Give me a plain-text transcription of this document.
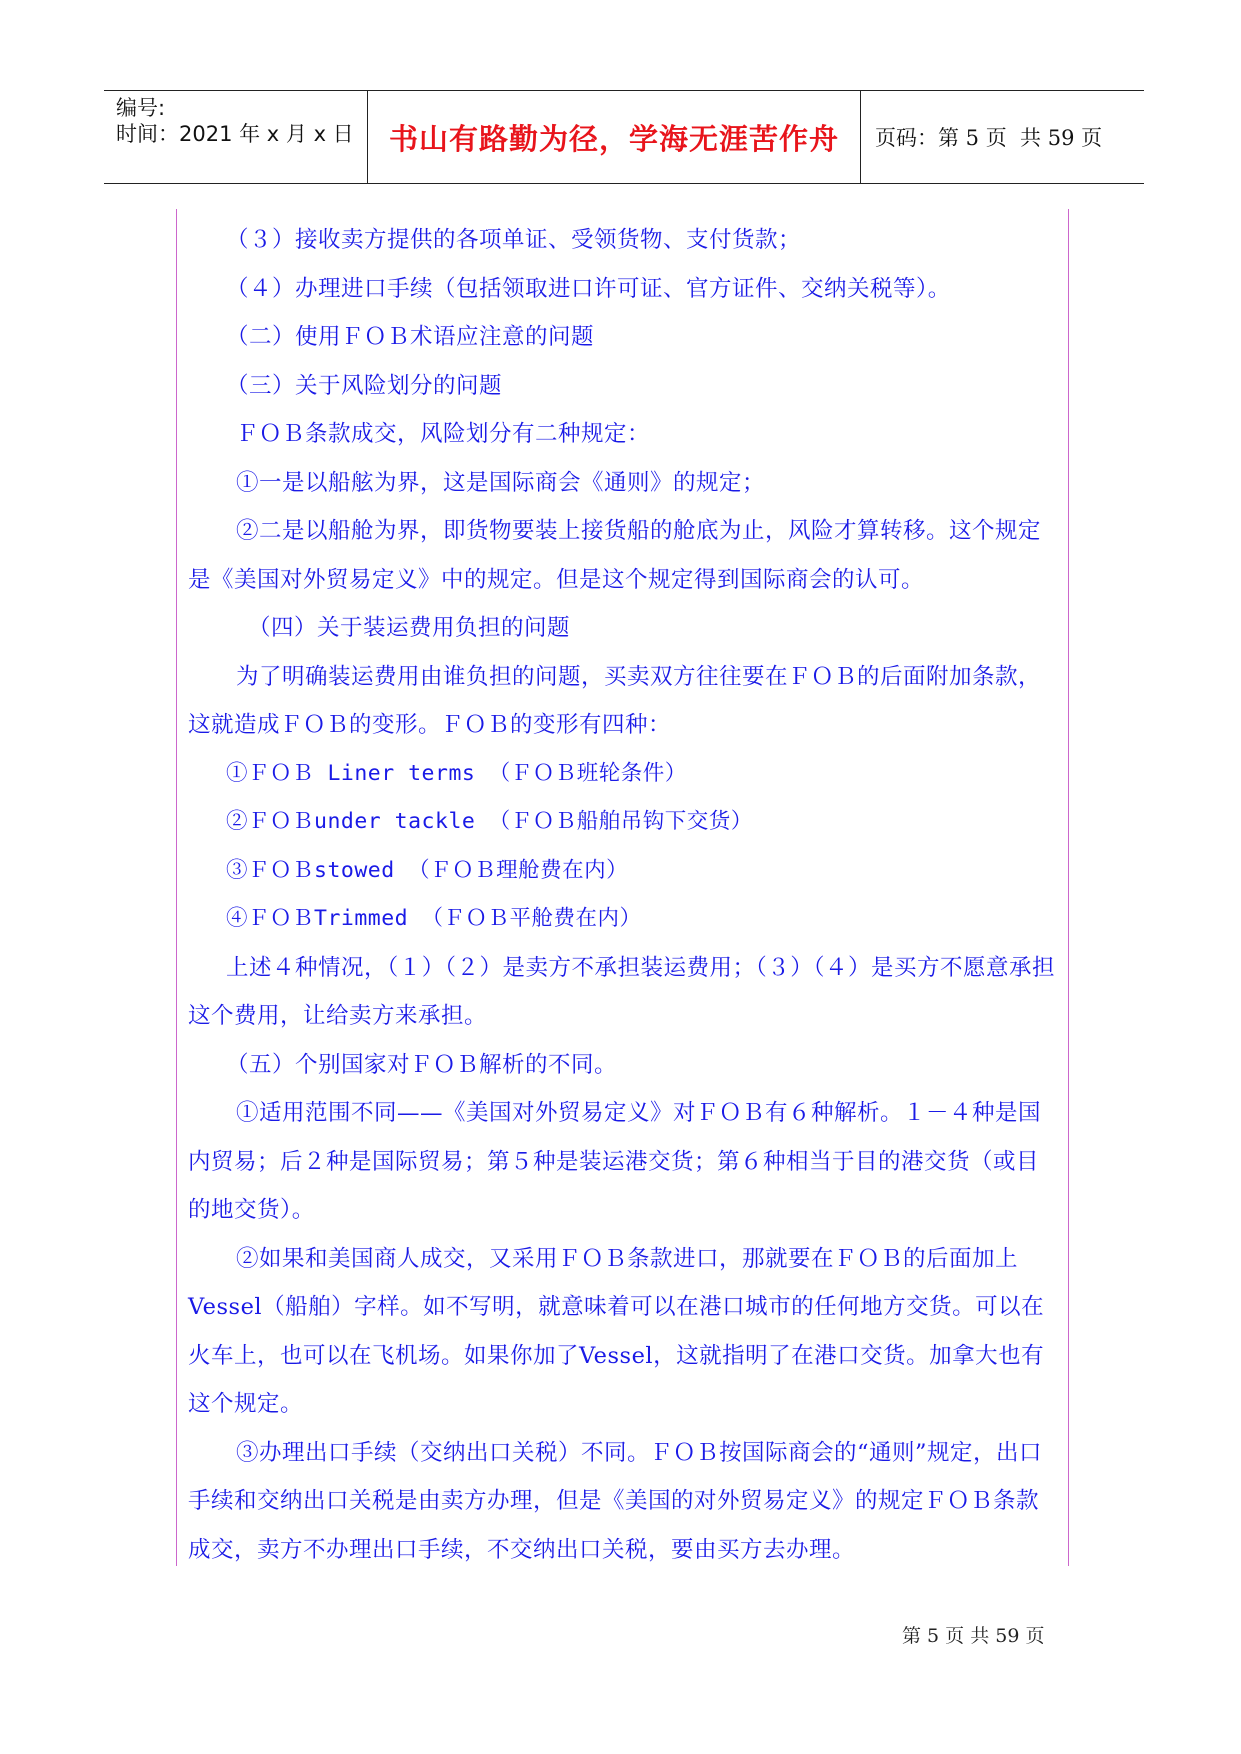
编号:
时间：2021 年 x 月 x 日	书山有路勤为径，学海无涯苦作舟 页码：第 5 页  共 59 页

（３）接收卖方提供的各项单证、受领货物、支付货款；

（４）办理进口手续（包括领取进口许可证、官方证件、交纳关税等）。

（二）使用ＦＯＢ术语应注意的问题

（三）关于风险划分的问题

ＦＯＢ条款成交，风险划分有二种规定：

①一是以船舷为界，这是国际商会《通则》的规定；

②二是以船舱为界，即货物要装上接货船的舱底为止，风险才算转移。这个规定是《美国对外贸易定义》中的规定。但是这个规定得到国际商会的认可。

（四）关于装运费用负担的问题

为了明确装运费用由谁负担的问题，买卖双方往往要在ＦＯＢ的后面附加条款，这就造成ＦＯＢ的变形。ＦＯＢ的变形有四种：

①ＦＯＢ Liner terms （ＦＯＢ班轮条件）

②ＦＯＢunder tackle （ＦＯＢ船舶吊钩下交货）

③ＦＯＢstowed （ＦＯＢ理舱费在内）

④ＦＯＢTrimmed （ＦＯＢ平舱费在内）

上述４种情况，（１）（２）是卖方不承担装运费用；（３）（４）是买方不愿意承担这个费用，让给卖方来承担。

（五）个别国家对ＦＯＢ解析的不同。

①适用范围不同——《美国对外贸易定义》对ＦＯＢ有６种解析。１－４种是国内贸易；后２种是国际贸易；第５种是装运港交货；第６种相当于目的港交货（或目的地交货）。

②如果和美国商人成交，又采用ＦＯＢ条款进口，那就要在ＦＯＢ的后面加上Vessel（船舶）字样。如不写明，就意味着可以在港口城市的任何地方交货。可以在火车上，也可以在飞机场。如果你加了Vessel，这就指明了在港口交货。加拿大也有这个规定。

③办理出口手续（交纳出口关税）不同。ＦＯＢ按国际商会的“通则”规定，出口手续和交纳出口关税是由卖方办理，但是《美国的对外贸易定义》的规定ＦＯＢ条款成交，卖方不办理出口手续，不交纳出口关税，要由买方去办理。

第 5 页 共 59 页
